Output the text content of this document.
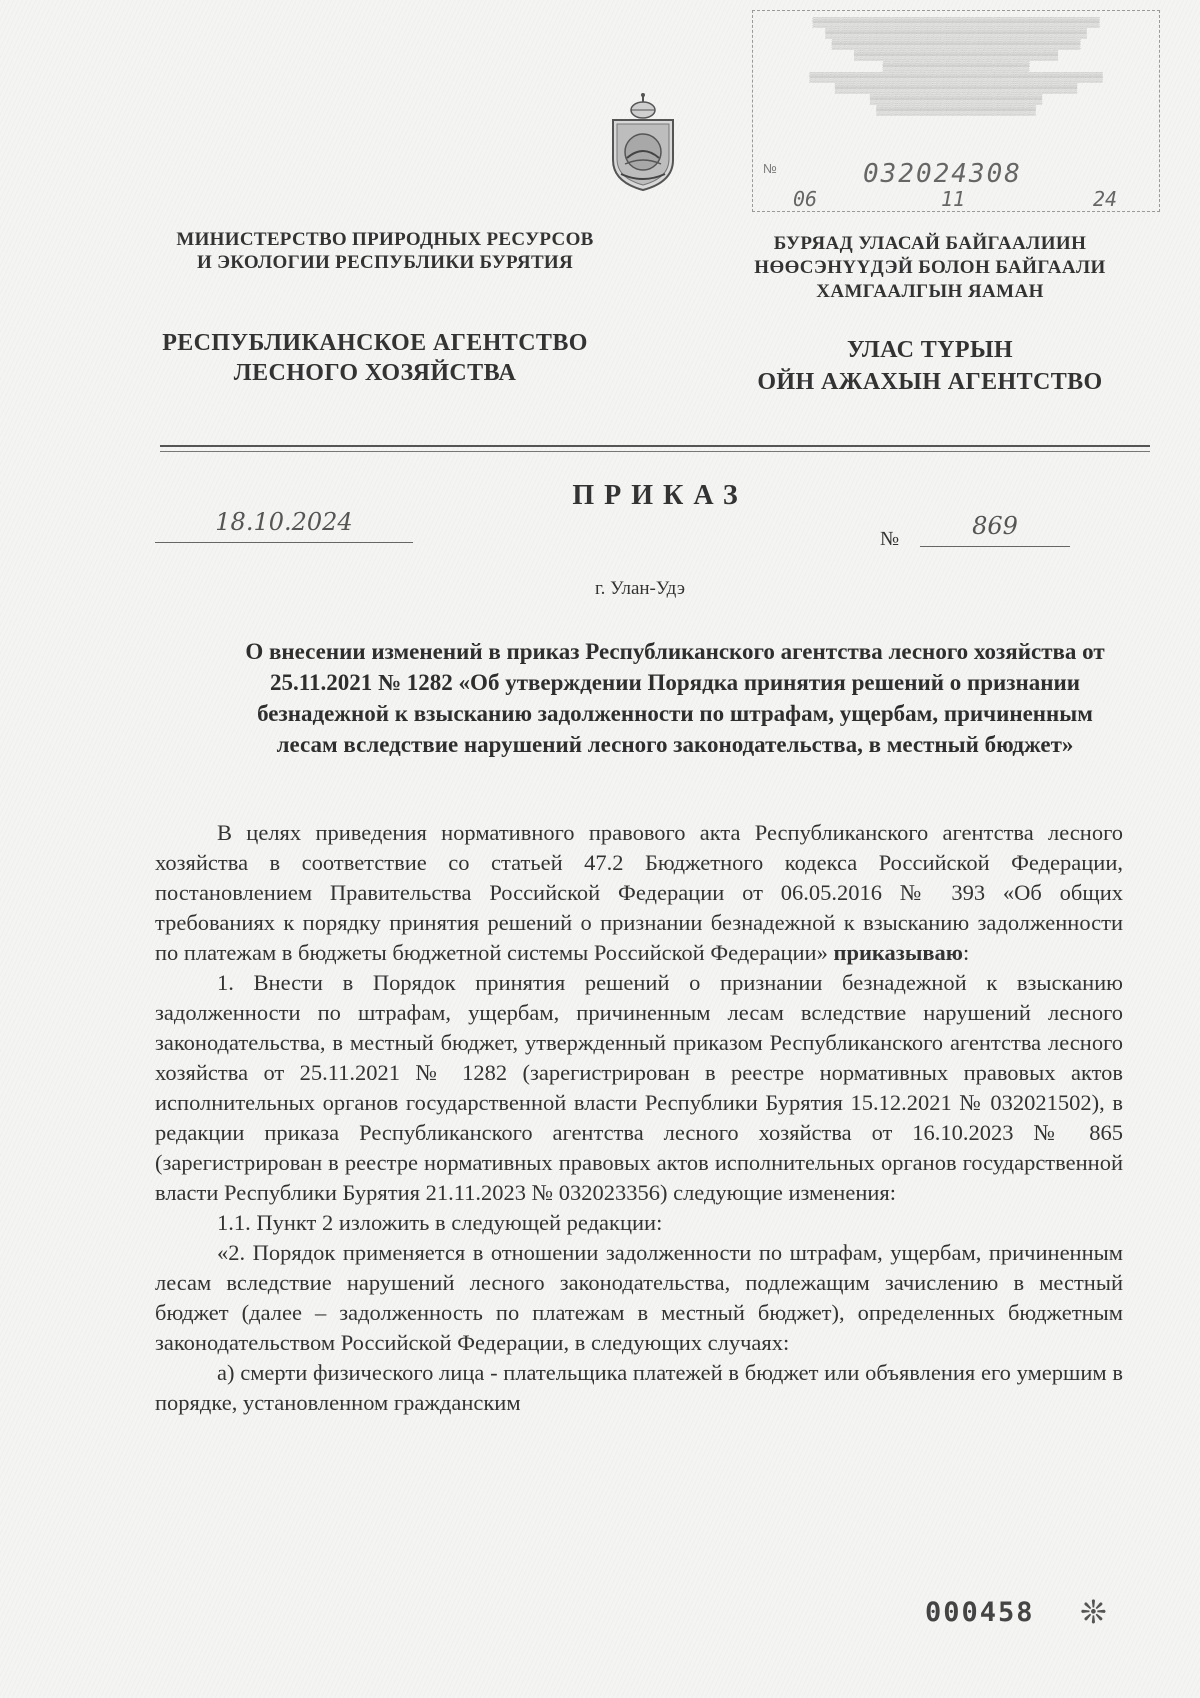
▒▒▒▒▒▒▒▒▒▒▒▒▒▒▒▒▒▒▒▒▒▒▒▒▒▒▒▒▒▒▒▒▒▒▒▒▒▒▒▒▒▒▒▒▒
▒▒▒▒▒▒▒▒▒▒▒▒▒▒▒▒▒▒▒▒▒▒▒▒▒▒▒▒▒▒▒▒▒▒▒▒▒▒▒▒▒
▒▒▒▒▒▒▒▒▒▒▒▒▒▒▒▒▒▒▒▒▒▒▒▒▒▒▒▒▒▒▒▒▒▒▒▒▒▒▒
▒▒▒▒▒▒▒▒▒▒▒▒▒▒▒▒▒▒▒▒▒▒▒▒▒▒▒▒▒▒▒▒
▒▒▒▒▒▒▒▒▒▒▒▒▒▒▒▒▒▒▒▒▒▒▒
▒▒▒▒▒▒▒▒▒▒▒▒▒▒▒▒▒▒▒▒▒▒▒▒▒▒▒▒▒▒▒▒▒▒▒▒▒▒▒▒▒▒▒▒▒▒
▒▒▒▒▒▒▒▒▒▒▒▒▒▒▒▒▒▒▒▒▒▒▒▒▒▒▒▒▒▒▒▒▒▒▒▒▒▒
▒▒▒▒▒▒▒▒▒▒▒▒▒▒▒▒▒▒▒▒▒▒▒▒▒▒▒
▒▒▒▒▒▒▒▒▒▒▒▒▒▒▒▒▒▒▒▒▒▒▒▒▒
№	032024308
06	11	24
МИНИСТЕРСТВО ПРИРОДНЫХ РЕСУРСОВ
И ЭКОЛОГИИ РЕСПУБЛИКИ БУРЯТИЯ
РЕСПУБЛИКАНСКОЕ АГЕНТСТВО
ЛЕСНОГО ХОЗЯЙСТВА
БУРЯАД УЛАСАЙ БАЙГААЛИИН
НӨӨСЭНҮҮДЭЙ БОЛОН БАЙГААЛИ
ХАМГААЛГЫН ЯАМАН
УЛАС ТҮРЫН
ОЙН АЖАХЫН АГЕНТСТВО
ПРИКАЗ
18.10.2024
№	869
г. Улан-Удэ
О внесении изменений в приказ Республиканского агентства лесного хозяйства от 25.11.2021 № 1282 «Об утверждении Порядка принятия решений о признании безнадежной к взысканию задолженности по штрафам, ущербам, причиненным лесам вследствие нарушений лесного законодательства, в местный бюджет»

В целях приведения нормативного правового акта Республиканского агентства лесного хозяйства в соответствие со статьей 47.2 Бюджетного кодекса Российской Федерации, постановлением Правительства Российской Федерации от 06.05.2016 № 393 «Об общих требованиях к порядку принятия решений о признании безнадежной к взысканию задолженности по платежам в бюджеты бюджетной системы Российской Федерации» приказываю:

1. Внести в Порядок принятия решений о признании безнадежной к взысканию задолженности по штрафам, ущербам, причиненным лесам вследствие нарушений лесного законодательства, в местный бюджет, утвержденный приказом Республиканского агентства лесного хозяйства от 25.11.2021 № 1282 (зарегистрирован в реестре нормативных правовых актов исполнительных органов государственной власти Республики Бурятия 15.12.2021 № 032021502), в редакции приказа Республиканского агентства лесного хозяйства от 16.10.2023 № 865 (зарегистрирован в реестре нормативных правовых актов исполнительных органов государственной власти Республики Бурятия 21.11.2023 № 032023356) следующие изменения:

1.1. Пункт 2 изложить в следующей редакции:

«2. Порядок применяется в отношении задолженности по штрафам, ущербам, причиненным лесам вследствие нарушений лесного законодательства, подлежащим зачислению в местный бюджет (далее – задолженность по платежам в местный бюджет), определенных бюджетным законодательством Российской Федерации, в следующих случаях:

а) смерти физического лица - плательщика платежей в бюджет или объявления его умершим в порядке, установленном гражданским

000458 ❊
